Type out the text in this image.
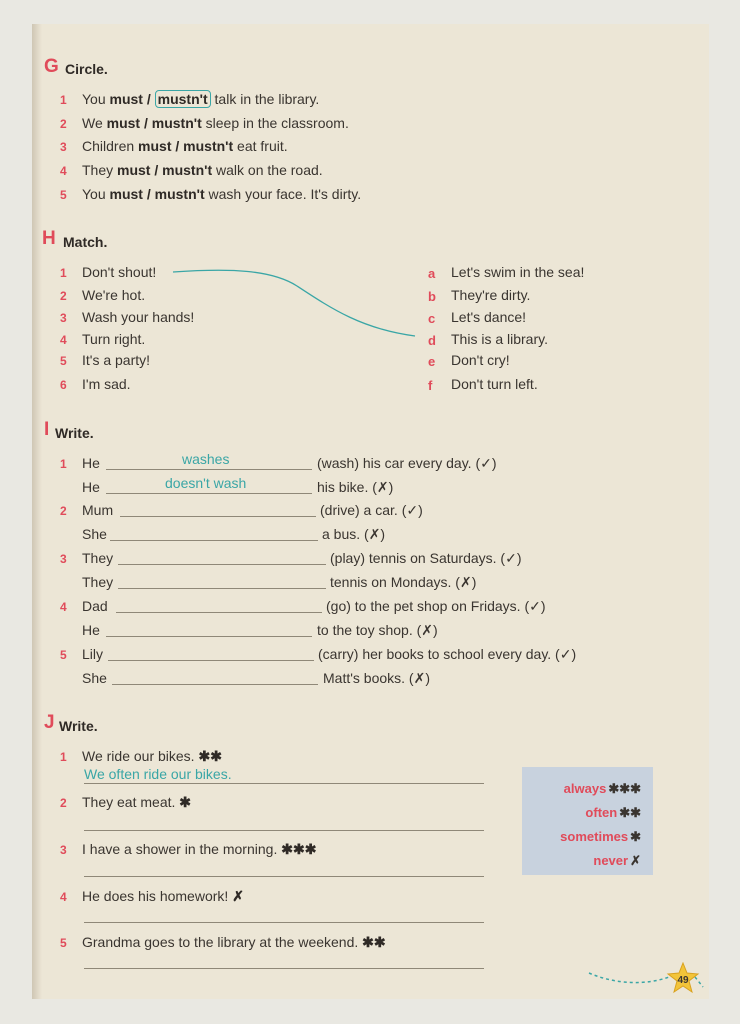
G Circle.
1 You must / mustn't talk in the library.
2 We must / mustn't sleep in the classroom.
3 Children must / mustn't eat fruit.
4 They must / mustn't walk on the road.
5 You must / mustn't wash your face. It's dirty.
H Match.
1 Don't shout!
2 We're hot.
3 Wash your hands!
4 Turn right.
5 It's a party!
6 I'm sad.
a Let's swim in the sea!
b They're dirty.
c Let's dance!
d This is a library.
e Don't cry!
f Don't turn left.
I Write.
1 He	washes	(wash) his car every day. (✓)
He	doesn't wash	his bike. (✗)
2 Mum	(drive) a car. (✓)
She	a bus. (✗)
3 They	(play) tennis on Saturdays. (✓)
They	tennis on Mondays. (✗)
4 Dad	(go) to the pet shop on Fridays. (✓)
He	to the toy shop. (✗)
5 Lily	(carry) her books to school every day. (✓)
She	Matt's books. (✗)
J Write.
1 We ride our bikes. ✱✱
We often ride our bikes.
2 They eat meat. ✱
3 I have a shower in the morning. ✱✱✱
4 He does his homework! ✗
5 Grandma goes to the library at the weekend. ✱✱
always ✱✱✱
often ✱✱
sometimes ✱
never ✗
49
